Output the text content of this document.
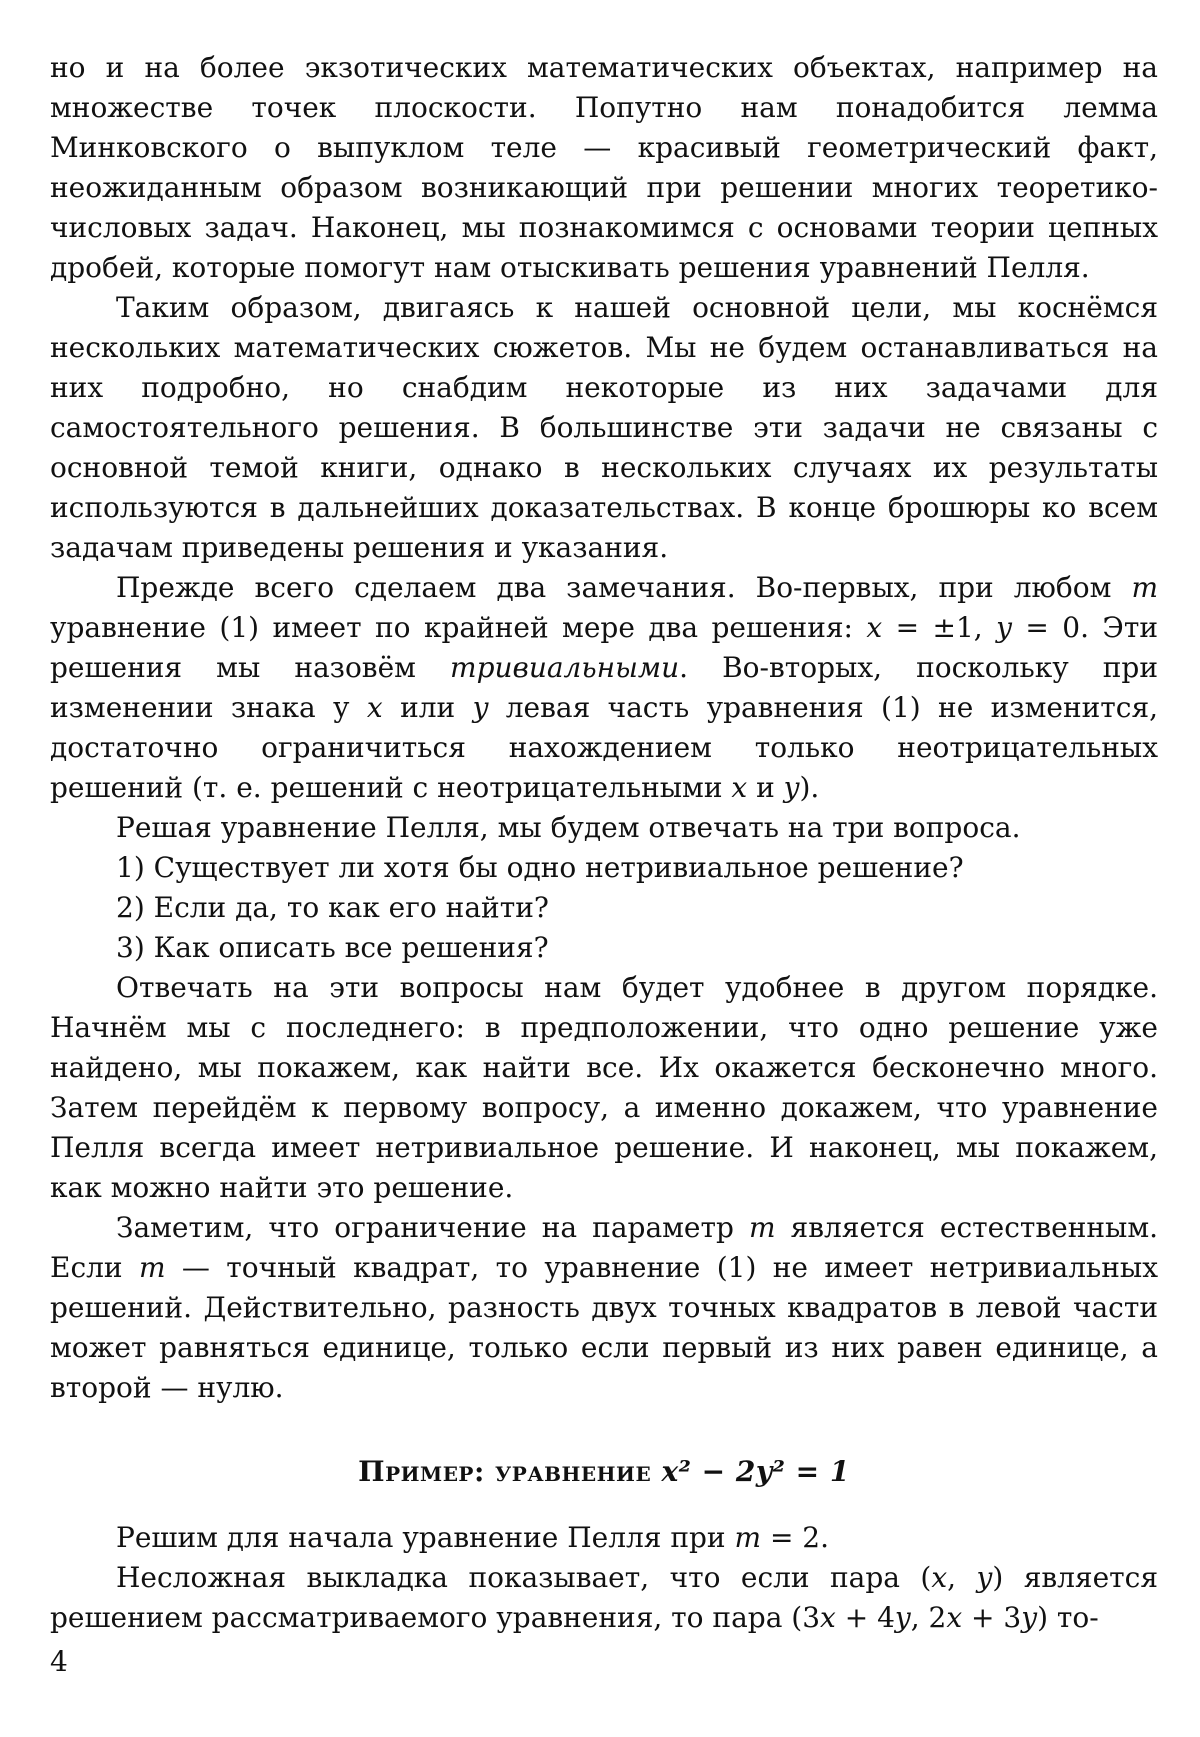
но и на более экзотических математических объектах, например на множестве точек плоскости. Попутно нам понадобится лемма Минковского о выпуклом теле — красивый геометрический факт, неожиданным образом возникающий при решении многих теоретико-числовых задач. Наконец, мы познакомимся с основами теории цепных дробей, которые помогут нам отыскивать решения уравнений Пелля.

Таким образом, двигаясь к нашей основной цели, мы коснёмся нескольких математических сюжетов. Мы не будем останавливаться на них подробно, но снабдим некоторые из них задачами для самостоятельного решения. В большинстве эти задачи не связаны с основной темой книги, однако в нескольких случаях их результаты используются в дальнейших доказательствах. В конце брошюры ко всем задачам приведены решения и указания.

Прежде всего сделаем два замечания. Во-первых, при любом m уравнение (1) имеет по крайней мере два решения: x = ±1, y = 0. Эти решения мы назовём тривиальными. Во-вторых, поскольку при изменении знака у x или y левая часть уравнения (1) не изменится, достаточно ограничиться нахождением только неотрицательных решений (т. е. решений с неотрицательными x и y).

Решая уравнение Пелля, мы будем отвечать на три вопроса.

1) Существует ли хотя бы одно нетривиальное решение?

2) Если да, то как его найти?

3) Как описать все решения?

Отвечать на эти вопросы нам будет удобнее в другом порядке. Начнём мы с последнего: в предположении, что одно решение уже найдено, мы покажем, как найти все. Их окажется бесконечно много. Затем перейдём к первому вопросу, а именно докажем, что уравнение Пелля всегда имеет нетривиальное решение. И наконец, мы покажем, как можно найти это решение.

Заметим, что ограничение на параметр m является естественным. Если m — точный квадрат, то уравнение (1) не имеет нетривиальных решений. Действительно, разность двух точных квадратов в левой части может равняться единице, только если первый из них равен единице, а второй — нулю.

Пример: уравнение x² − 2y² = 1

Решим для начала уравнение Пелля при m = 2.

Несложная выкладка показывает, что если пара (x, y) является решением рассматриваемого уравнения, то пара (3x + 4y, 2x + 3y) то-

4
